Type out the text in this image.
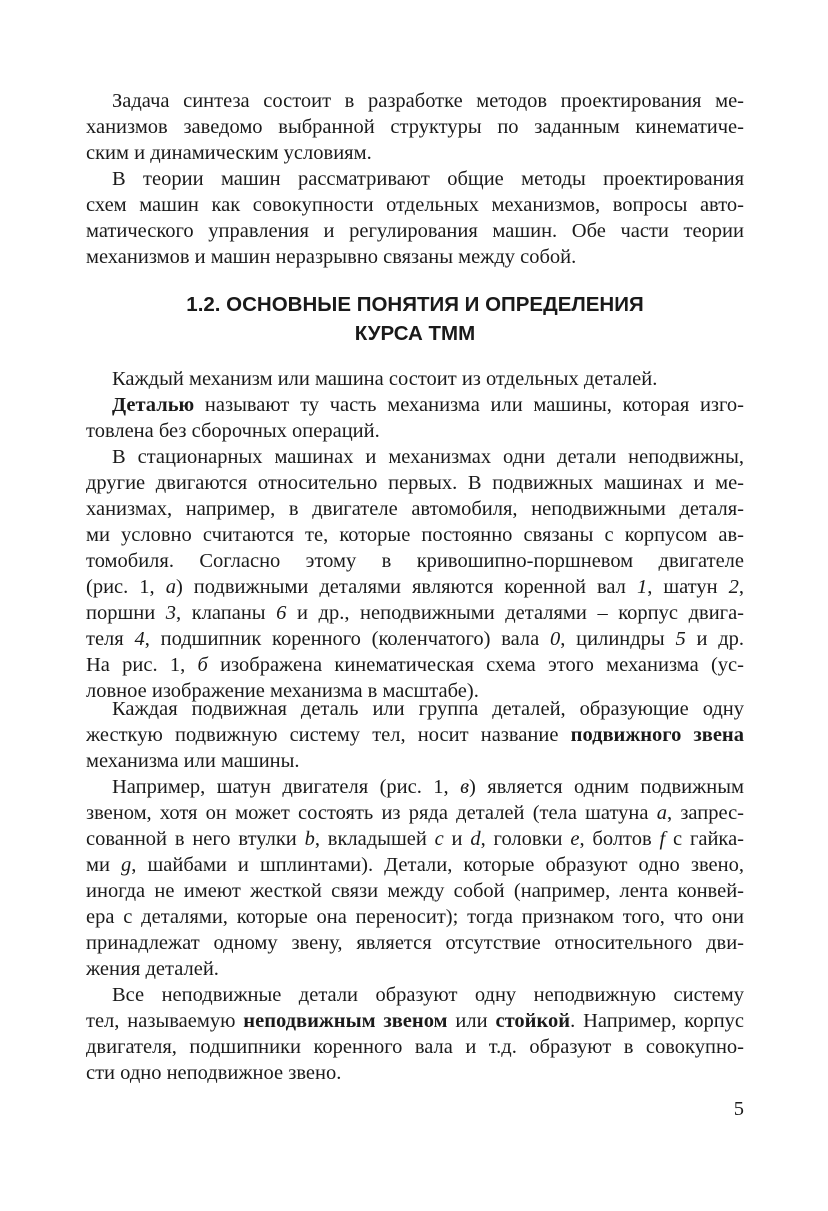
Задача синтеза состоит в разработке методов проектирования ме-
ханизмов заведомо выбранной структуры по заданным кинематиче-
ским и динамическим условиям.
В теории машин рассматривают общие методы проектирования
схем машин как совокупности отдельных механизмов, вопросы авто-
матического управления и регулирования машин. Обе части теории
механизмов и машин неразрывно связаны между собой.
1.2. ОСНОВНЫЕ ПОНЯТИЯ И ОПРЕДЕЛЕНИЯ
КУРСА ТММ
Каждый механизм или машина состоит из отдельных деталей.
Деталью называют ту часть механизма или машины, которая изго-
товлена без сборочных операций.
В стационарных машинах и механизмах одни детали неподвижны,
другие двигаются относительно первых. В подвижных машинах и ме-
ханизмах, например, в двигателе автомобиля, неподвижными деталя-
ми условно считаются те, которые постоянно связаны с корпусом ав-
томобиля. Согласно этому в кривошипно-поршневом двигателе
(рис. 1, а) подвижными деталями являются коренной вал 1, шатун 2,
поршни 3, клапаны 6 и др., неподвижными деталями – корпус двига-
теля 4, подшипник коренного (коленчатого) вала 0, цилиндры 5 и др.
На рис. 1, б изображена кинематическая схема этого механизма (ус-
ловное изображение механизма в масштабе).
Каждая подвижная деталь или группа деталей, образующие одну
жесткую подвижную систему тел, носит название подвижного звена
механизма или машины.
Например, шатун двигателя (рис. 1, в) является одним подвижным
звеном, хотя он может состоять из ряда деталей (тела шатуна a, запрес-
сованной в него втулки b, вкладышей c и d, головки e, болтов f с гайка-
ми g, шайбами и шплинтами). Детали, которые образуют одно звено,
иногда не имеют жесткой связи между собой (например, лента конвей-
ера с деталями, которые она переносит); тогда признаком того, что они
принадлежат одному звену, является отсутствие относительного дви-
жения деталей.
Все неподвижные детали образуют одну неподвижную систему
тел, называемую неподвижным звеном или стойкой. Например, корпус
двигателя, подшипники коренного вала и т.д. образуют в совокупно-
сти одно неподвижное звено.
5
